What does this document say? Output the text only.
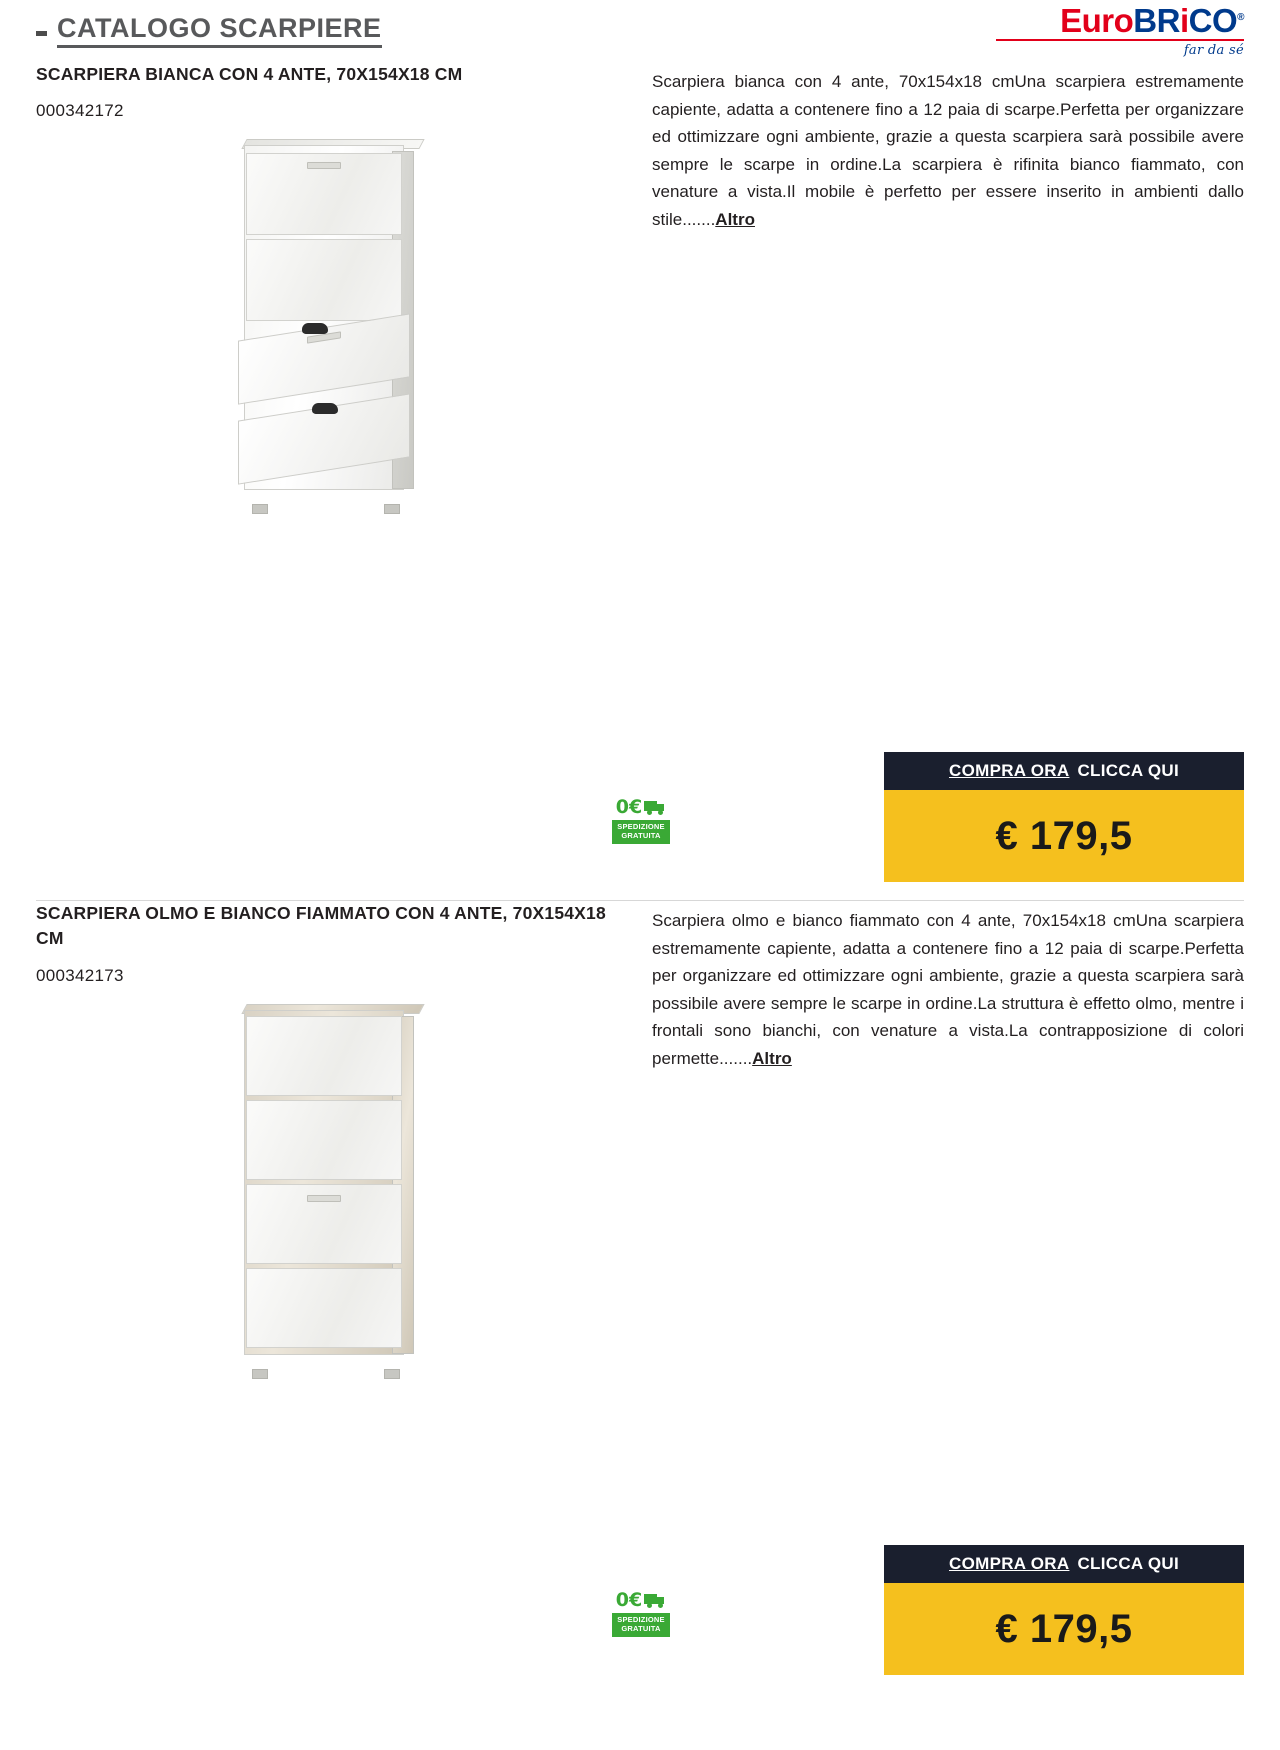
CATALOGO SCARPIERE	EuroBRiCO®
far da sé
SCARPIERA BIANCA CON 4 ANTE, 70X154X18 CM
000342172
Scarpiera bianca con 4 ante, 70x154x18 cmUna scarpiera estremamente capiente, adatta a contenere fino a 12 paia di scarpe.Perfetta per organizzare ed ottimizzare ogni ambiente, grazie a questa scarpiera sarà possibile avere sempre le scarpe in ordine.La scarpiera è rifinita bianco fiammato, con venature a vista.Il mobile è perfetto per essere inserito in ambienti dallo stile.......Altro
0€
SPEDIZIONE
GRATUITA
COMPRA ORA CLICCA QUI
€ 179,5
SCARPIERA OLMO E BIANCO FIAMMATO CON 4 ANTE, 70X154X18 CM
000342173
Scarpiera olmo e bianco fiammato con 4 ante, 70x154x18 cmUna scarpiera estremamente capiente, adatta a contenere fino a 12 paia di scarpe.Perfetta per organizzare ed ottimizzare ogni ambiente, grazie a questa scarpiera sarà possibile avere sempre le scarpe in ordine.La struttura è effetto olmo, mentre i frontali sono bianchi, con venature a vista.La contrapposizione di colori permette.......Altro
0€
SPEDIZIONE
GRATUITA
COMPRA ORA CLICCA QUI
€ 179,5
